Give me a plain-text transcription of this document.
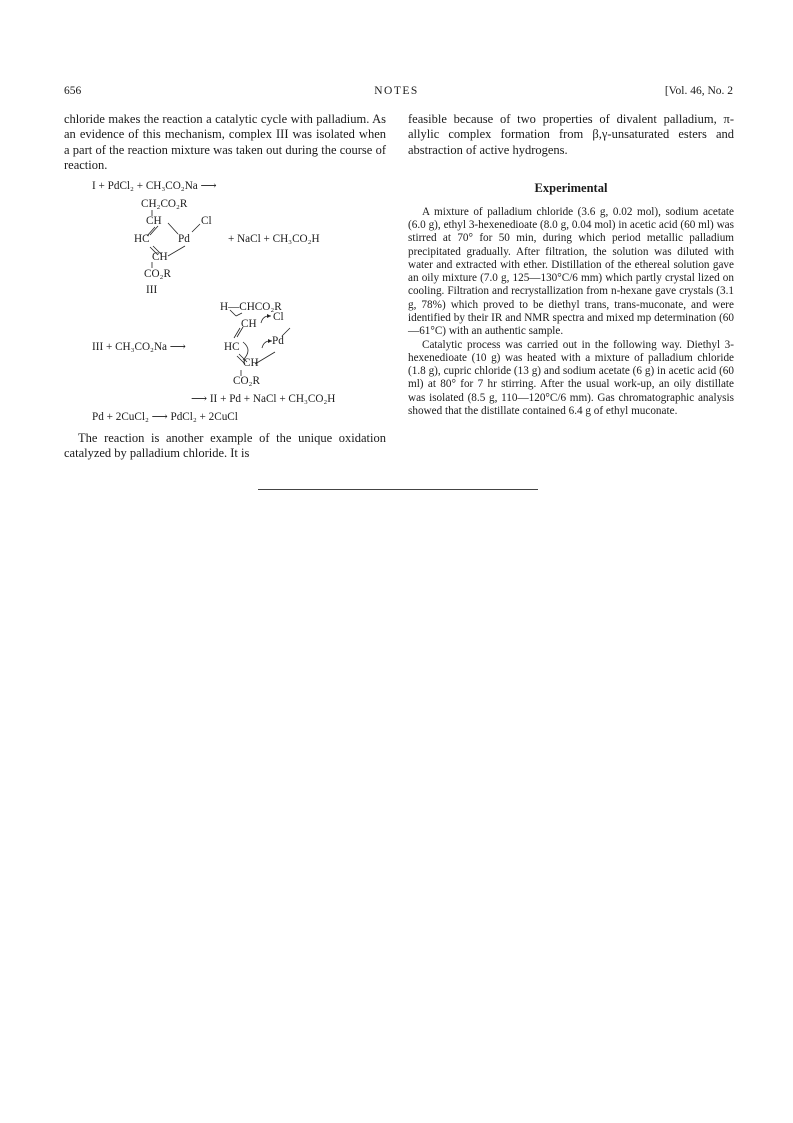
656	NOTES	[Vol. 46, No. 2

chloride makes the reaction a catalytic cycle with palladium. As an evidence of this mechanism, complex III was isolated when a part of the reaction mixture was taken out during the course of reaction.

I + PdCl₂ + CH₃CO₂Na ⟶
CH₂CO₂R
CH	Cl
HC	Pd	+ NaCl + CH₃CO₂H
CH
CO₂R
III
H—CHCO₂R
Cl
CH
III + CH₃CO₂Na ⟶	HC	Pd
CH
CO₂R
⟶ II + Pd + NaCl + CH₃CO₂H
Pd + 2CuCl₂ ⟶ PdCl₂ + 2CuCl

The reaction is another example of the unique oxidation catalyzed by palladium chloride. It is

feasible because of two properties of divalent palladium, π-allylic complex formation from β,γ-unsaturated esters and abstraction of active hydrogens.

Experimental

A mixture of palladium chloride (3.6 g, 0.02 mol), sodium acetate (6.0 g), ethyl 3-hexenedioate (8.0 g, 0.04 mol) in acetic acid (60 ml) was stirred at 70° for 50 min, during which period metallic palladium precipitated gradually. After filtration, the solution was diluted with water and extracted with ether. Distillation of the ethereal solution gave an oily mixture (7.0 g, 125—130°C/6 mm) which partly crystal lized on cooling. Filtration and recrystallization from n-hexane gave crystals (3.1 g, 78%) which proved to be diethyl trans, trans-muconate, and were identified by their IR and NMR spectra and mixed mp determination (60—61°C) with an authentic sample.

Catalytic process was carried out in the following way. Diethyl 3-hexenedioate (10 g) was heated with a mixture of palladium chloride (1.8 g), cupric chloride (13 g) and sodium acetate (6 g) in acetic acid (60 ml) at 80° for 7 hr stirring. After the usual work-up, an oily distillate was isolated (8.5 g, 110—120°C/6 mm). Gas chromatographic analysis showed that the distillate contained 6.4 g of ethyl muconate.
